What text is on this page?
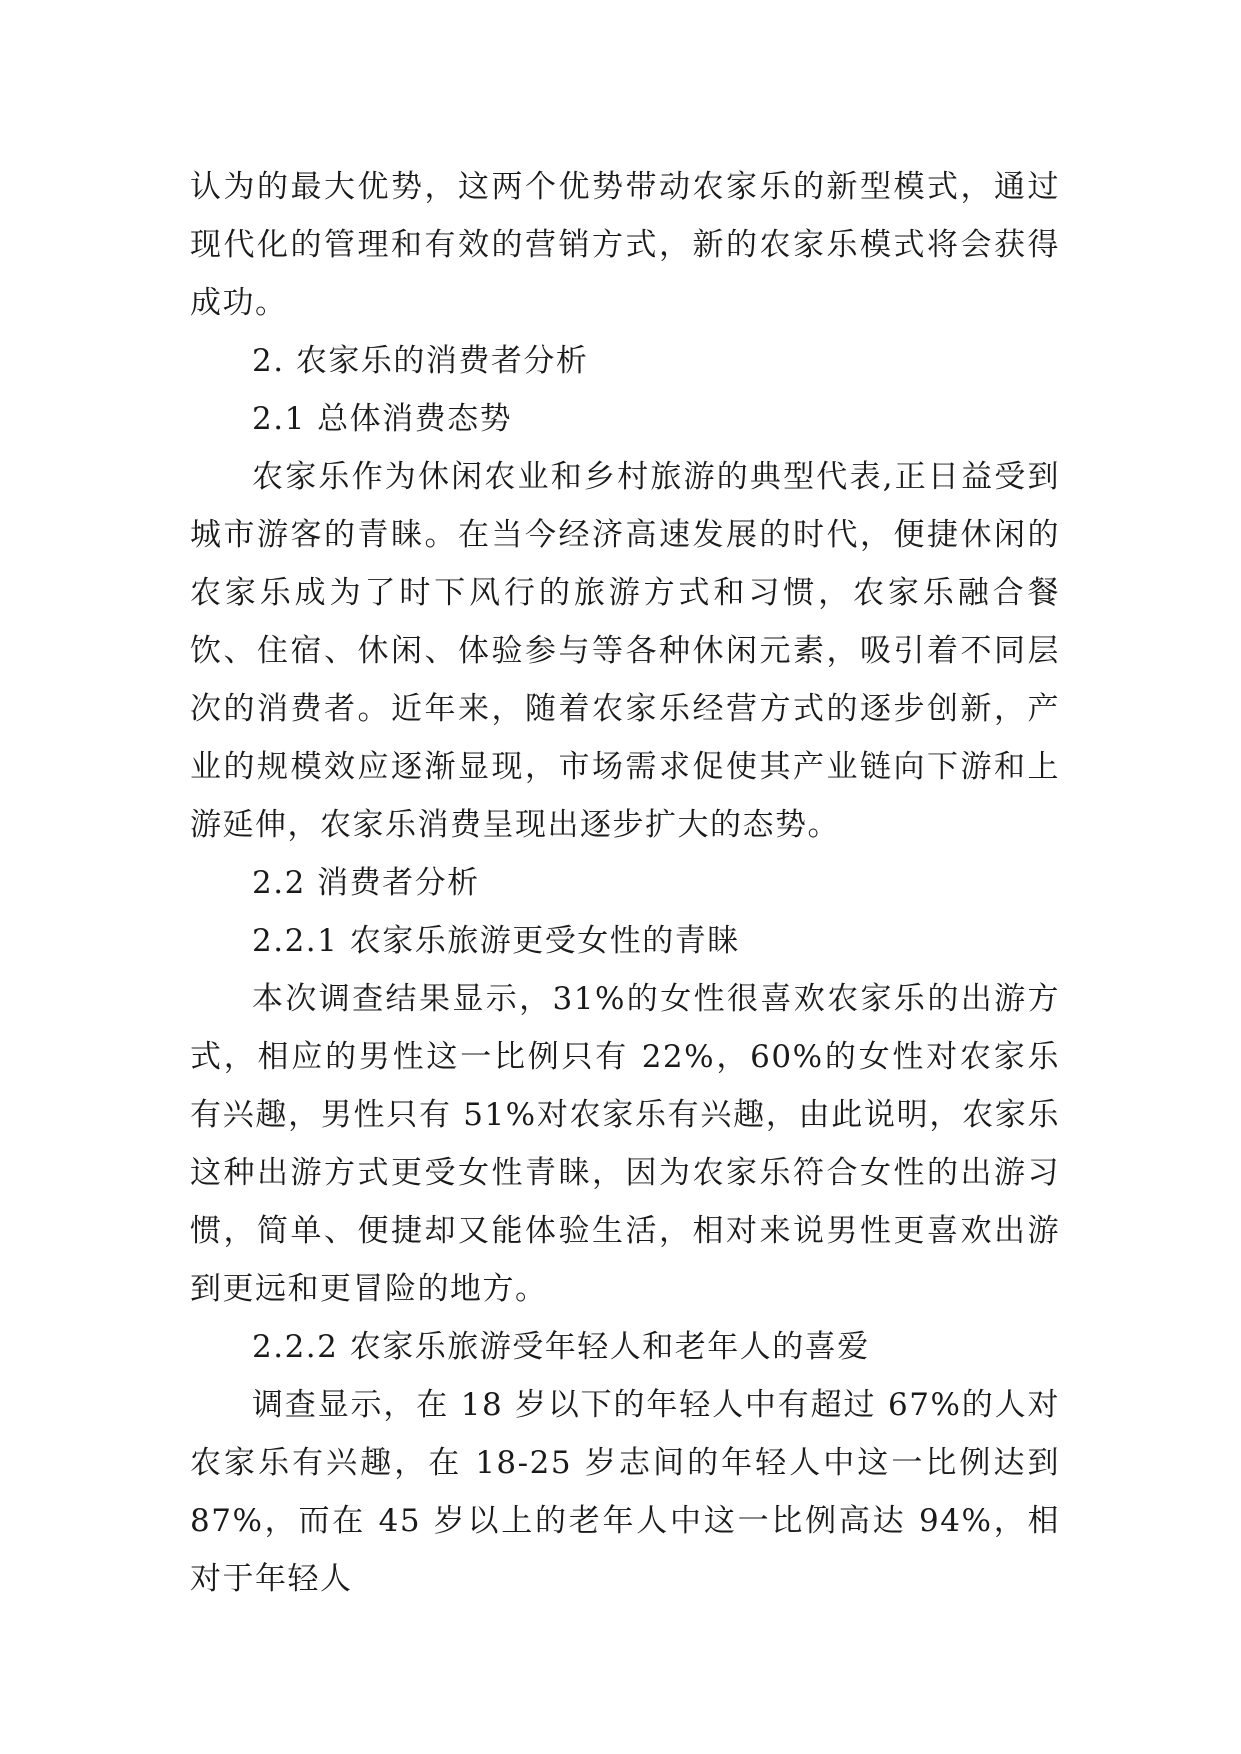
认为的最大优势，这两个优势带动农家乐的新型模式，通过现代化的管理和有效的营销方式，新的农家乐模式将会获得成功。

2. 农家乐的消费者分析

2.1 总体消费态势

农家乐作为休闲农业和乡村旅游的典型代表,正日益受到城市游客的青睐。在当今经济高速发展的时代，便捷休闲的农家乐成为了时下风行的旅游方式和习惯，农家乐融合餐饮、住宿、休闲、体验参与等各种休闲元素，吸引着不同层次的消费者。近年来，随着农家乐经营方式的逐步创新，产业的规模效应逐渐显现，市场需求促使其产业链向下游和上游延伸，农家乐消费呈现出逐步扩大的态势。

2.2 消费者分析

2.2.1 农家乐旅游更受女性的青睐

本次调查结果显示，31%的女性很喜欢农家乐的出游方式，相应的男性这一比例只有 22%，60%的女性对农家乐有兴趣，男性只有 51%对农家乐有兴趣，由此说明，农家乐这种出游方式更受女性青睐，因为农家乐符合女性的出游习惯，简单、便捷却又能体验生活，相对来说男性更喜欢出游到更远和更冒险的地方。

2.2.2 农家乐旅游受年轻人和老年人的喜爱

调查显示，在 18 岁以下的年轻人中有超过 67%的人对农家乐有兴趣，在 18-25 岁志间的年轻人中这一比例达到 87%，而在 45 岁以上的老年人中这一比例高达 94%，相对于年轻人
